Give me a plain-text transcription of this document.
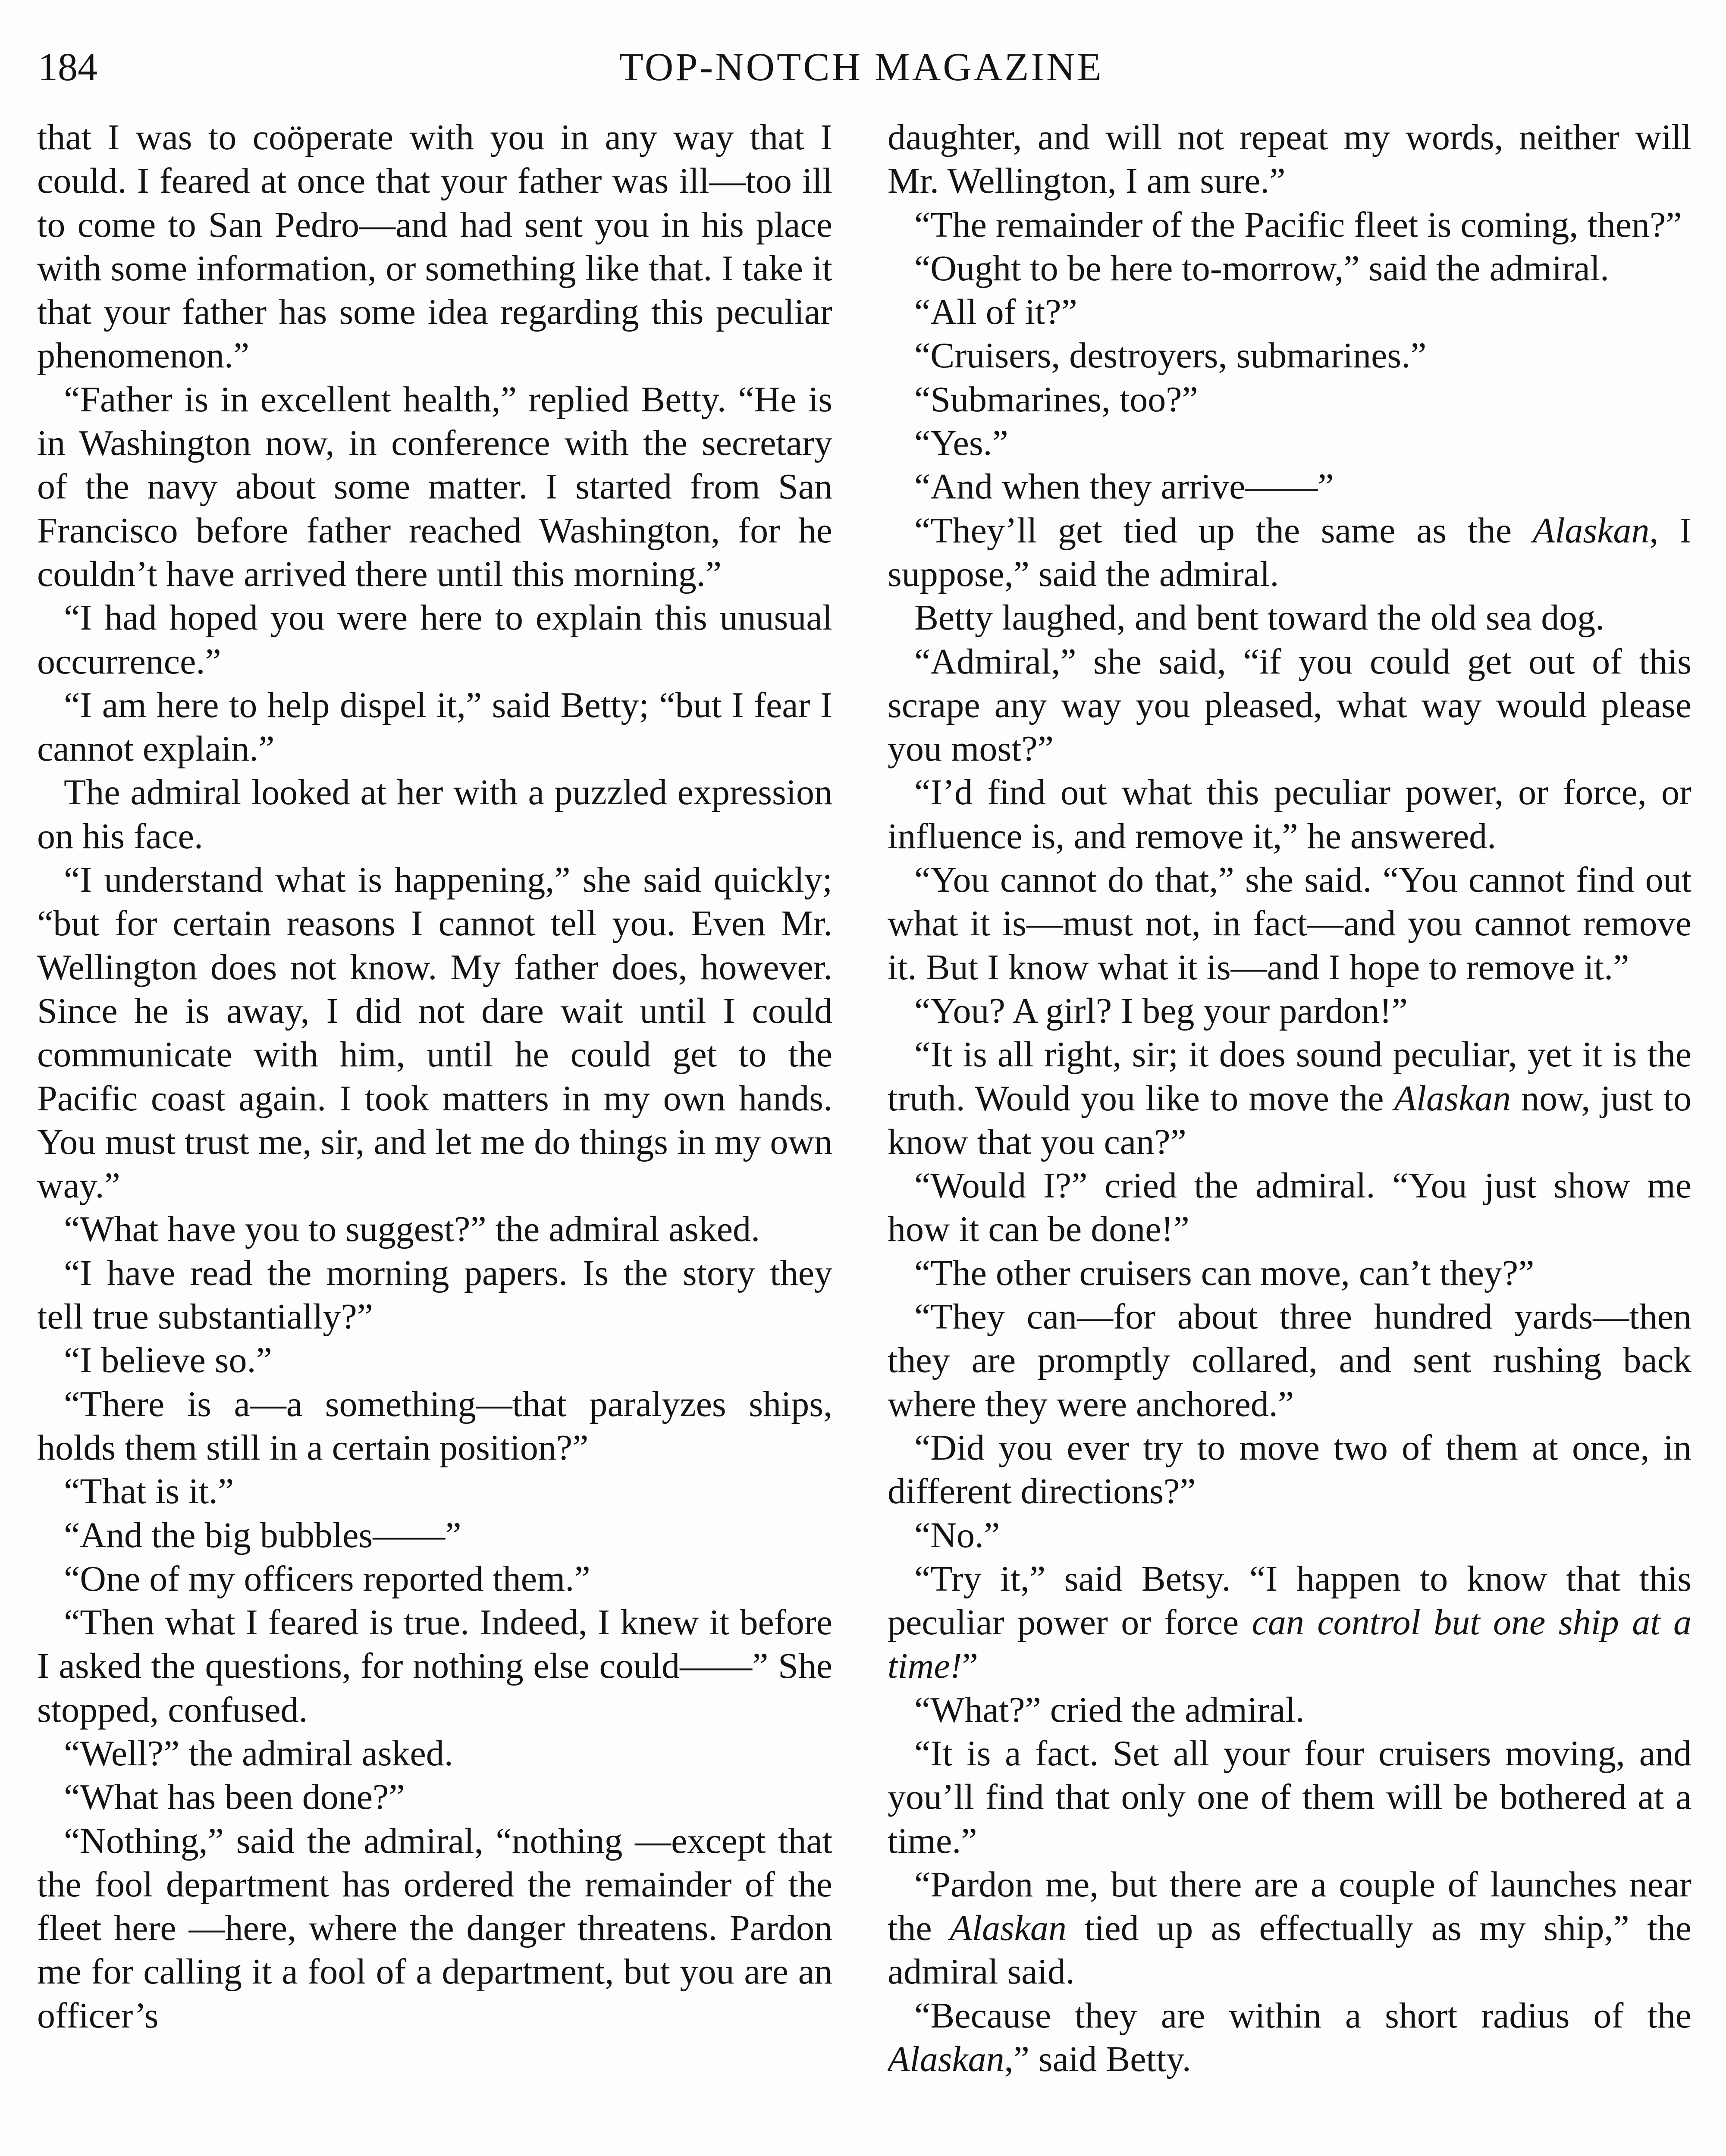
184	TOP-NOTCH MAGAZINE

that I was to coöperate with you in any way that I could. I feared at once that your father was ill—too ill to come to San Pedro—and had sent you in his place with some information, or something like that. I take it that your father has some idea regarding this peculiar phenomenon.”

“Father is in excellent health,” replied Betty. “He is in Washington now, in conference with the secretary of the navy about some matter. I started from San Francisco before father reached Washington, for he couldn’t have arrived there until this morning.”

“I had hoped you were here to explain this unusual occurrence.”

“I am here to help dispel it,” said Betty; “but I fear I cannot explain.”

The admiral looked at her with a puzzled expression on his face.

“I understand what is happening,” she said quickly; “but for certain reasons I cannot tell you. Even Mr. Wellington does not know. My father does, however. Since he is away, I did not dare wait until I could communicate with him, until he could get to the Pacific coast again. I took matters in my own hands. You must trust me, sir, and let me do things in my own way.”

“What have you to suggest?” the admiral asked.

“I have read the morning papers. Is the story they tell true substantially?”

“I believe so.”

“There is a—a something—that paralyzes ships, holds them still in a certain position?”

“That is it.”

“And the big bubbles——”

“One of my officers reported them.”

“Then what I feared is true. Indeed, I knew it before I asked the questions, for nothing else could——” She stopped, confused.

“Well?” the admiral asked.

“What has been done?”

“Nothing,” said the admiral, “nothing —except that the fool department has ordered the remainder of the fleet here —here, where the danger threatens. Pardon me for calling it a fool of a department, but you are an officer’s

daughter, and will not repeat my words, neither will Mr. Wellington, I am sure.”

“The remainder of the Pacific fleet is coming, then?”

“Ought to be here to-morrow,” said the admiral.

“All of it?”

“Cruisers, destroyers, submarines.”

“Submarines, too?”

“Yes.”

“And when they arrive——”

“They’ll get tied up the same as the Alaskan, I suppose,” said the admiral.

Betty laughed, and bent toward the old sea dog.

“Admiral,” she said, “if you could get out of this scrape any way you pleased, what way would please you most?”

“I’d find out what this peculiar power, or force, or influence is, and remove it,” he answered.

“You cannot do that,” she said. “You cannot find out what it is—must not, in fact—and you cannot remove it. But I know what it is—and I hope to remove it.”

“You? A girl? I beg your pardon!”

“It is all right, sir; it does sound peculiar, yet it is the truth. Would you like to move the Alaskan now, just to know that you can?”

“Would I?” cried the admiral. “You just show me how it can be done!”

“The other cruisers can move, can’t they?”

“They can—for about three hundred yards—then they are promptly collared, and sent rushing back where they were anchored.”

“Did you ever try to move two of them at once, in different directions?”

“No.”

“Try it,” said Betsy. “I happen to know that this peculiar power or force can control but one ship at a time!”

“What?” cried the admiral.

“It is a fact. Set all your four cruisers moving, and you’ll find that only one of them will be bothered at a time.”

“Pardon me, but there are a couple of launches near the Alaskan tied up as effectually as my ship,” the admiral said.

“Because they are within a short radius of the Alaskan,” said Betty.
